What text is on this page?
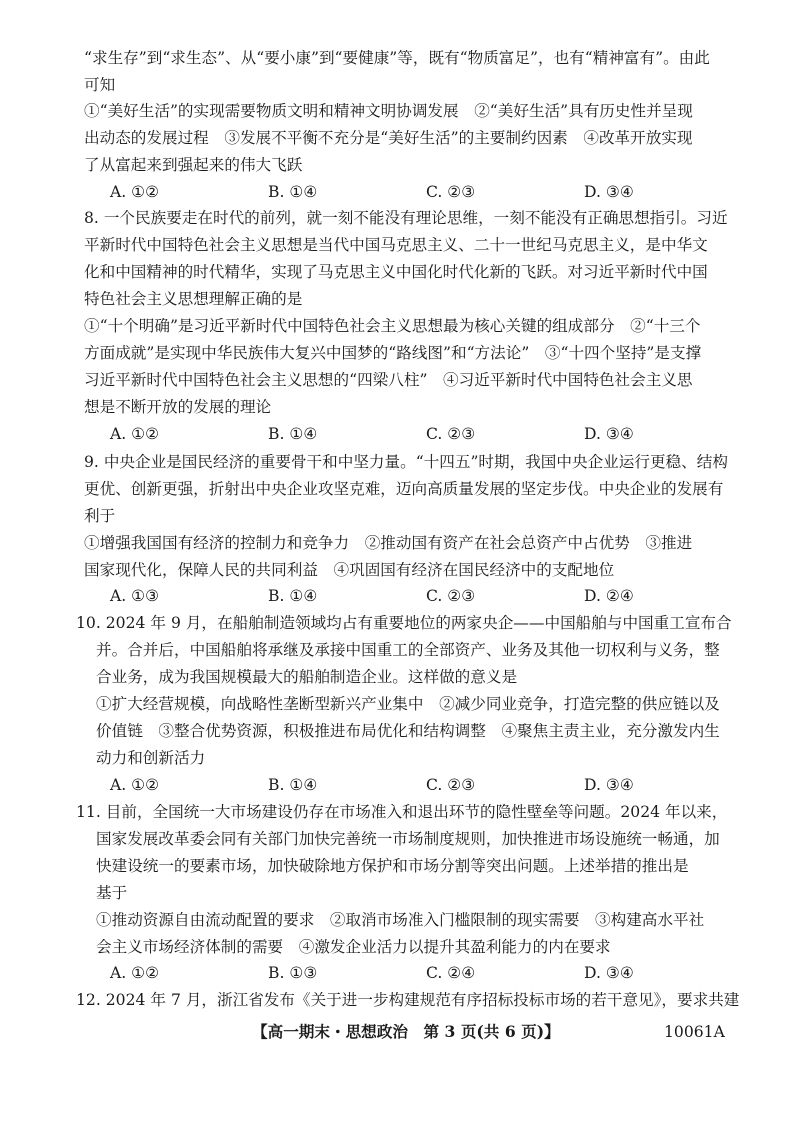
“求生存”到“求生态”、从“要小康”到“要健康”等，既有“物质富足”，也有“精神富有”。由此
可知
①“美好生活”的实现需要物质文明和精神文明协调发展　②“美好生活”具有历史性并呈现
出动态的发展过程　③发展不平衡不充分是“美好生活”的主要制约因素　④改革开放实现
了从富起来到强起来的伟大飞跃
A. ①②	B. ①④	C. ②③	D. ③④
8. 一个民族要走在时代的前列，就一刻不能没有理论思维，一刻不能没有正确思想指引。习近
平新时代中国特色社会主义思想是当代中国马克思主义、二十一世纪马克思主义，是中华文
化和中国精神的时代精华，实现了马克思主义中国化时代化新的飞跃。对习近平新时代中国
特色社会主义思想理解正确的是
①“十个明确”是习近平新时代中国特色社会主义思想最为核心关键的组成部分　②“十三个
方面成就”是实现中华民族伟大复兴中国梦的“路线图”和“方法论”　③“十四个坚持”是支撑
习近平新时代中国特色社会主义思想的“四梁八柱”　④习近平新时代中国特色社会主义思
想是不断开放的发展的理论
A. ①②	B. ①④	C. ②③	D. ③④
9. 中央企业是国民经济的重要骨干和中坚力量。“十四五”时期，我国中央企业运行更稳、结构
更优、创新更强，折射出中央企业攻坚克难，迈向高质量发展的坚定步伐。中央企业的发展有
利于
①增强我国国有经济的控制力和竞争力　②推动国有资产在社会总资产中占优势　③推进
国家现代化，保障人民的共同利益　④巩固国有经济在国民经济中的支配地位
A. ①③	B. ①④	C. ②③	D. ②④
10. 2024 年 9 月，在船舶制造领域均占有重要地位的两家央企——中国船舶与中国重工宣布合
并。合并后，中国船舶将承继及承接中国重工的全部资产、业务及其他一切权利与义务，整
合业务，成为我国规模最大的船舶制造企业。这样做的意义是
①扩大经营规模，向战略性垄断型新兴产业集中　②减少同业竞争，打造完整的供应链以及
价值链　③整合优势资源，积极推进布局优化和结构调整　④聚焦主责主业，充分激发内生
动力和创新活力
A. ①②	B. ①④	C. ②③	D. ③④
11. 目前，全国统一大市场建设仍存在市场准入和退出环节的隐性壁垒等问题。2024 年以来，
国家发展改革委会同有关部门加快完善统一市场制度规则，加快推进市场设施统一畅通，加
快建设统一的要素市场，加快破除地方保护和市场分割等突出问题。上述举措的推出是
基于
①推动资源自由流动配置的要求　②取消市场准入门槛限制的现实需要　③构建高水平社
会主义市场经济体制的需要　④激发企业活力以提升其盈利能力的内在要求
A. ①②	B. ①③	C. ②④	D. ③④
12. 2024 年 7 月，浙江省发布《关于进一步构建规范有序招标投标市场的若干意见》，要求共建
【高一期末・思想政治　第 3 页(共 6 页)】	10061A
